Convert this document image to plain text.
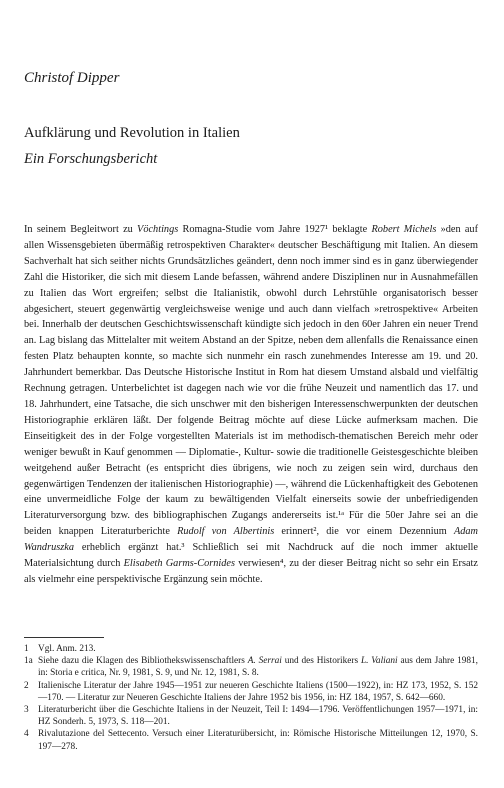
Christof Dipper
Aufklärung und Revolution in Italien
Ein Forschungsbericht
In seinem Begleitwort zu Vöchtings Romagna-Studie vom Jahre 1927¹ beklagte Robert Michels »den auf allen Wissensgebieten übermäßig retrospektiven Charakter« deutscher Beschäftigung mit Italien. An diesem Sachverhalt hat sich seither nichts Grundsätzliches geändert, denn noch immer sind es in ganz überwiegender Zahl die Historiker, die sich mit diesem Lande befassen, während andere Disziplinen nur in Ausnahmefällen zu Italien das Wort ergreifen; selbst die Italianistik, obwohl durch Lehrstühle organisatorisch besser abgesichert, steuert gegenwärtig vergleichsweise wenige und auch dann vielfach »retrospektive« Arbeiten bei. Innerhalb der deutschen Geschichtswissenschaft kündigte sich jedoch in den 60er Jahren ein neuer Trend an. Lag bislang das Mittelalter mit weitem Abstand an der Spitze, neben dem allenfalls die Renaissance einen festen Platz behaupten konnte, so machte sich nunmehr ein rasch zunehmendes Interesse am 19. und 20. Jahrhundert bemerkbar. Das Deutsche Historische Institut in Rom hat diesem Umstand alsbald und vielfältig Rechnung getragen. Unterbelichtet ist dagegen nach wie vor die frühe Neuzeit und namentlich das 17. und 18. Jahrhundert, eine Tatsache, die sich unschwer mit den bisherigen Interessenschwerpunkten der deutschen Historiographie erklären läßt. Der folgende Beitrag möchte auf diese Lücke aufmerksam machen. Die Einseitigkeit des in der Folge vorgestellten Materials ist im methodisch-thematischen Bereich mehr oder weniger bewußt in Kauf genommen — Diplomatie-, Kultur- sowie die traditionelle Geistesgeschichte bleiben weitgehend außer Betracht (es entspricht dies übrigens, wie noch zu zeigen sein wird, durchaus den gegenwärtigen Tendenzen der italienischen Historiographie) —, während die Lückenhaftigkeit des Gebotenen eine unvermeidliche Folge der kaum zu bewältigenden Vielfalt einerseits sowie der unbefriedigenden Literaturversorgung bzw. des bibliographischen Zugangs andererseits ist.¹ᵃ Für die 50er Jahre sei an die beiden knappen Literaturberichte Rudolf von Albertinis erinnert², die vor einem Dezennium Adam Wandruszka erheblich ergänzt hat.³ Schließlich sei mit Nachdruck auf die noch immer aktuelle Materialsichtung durch Elisabeth Garms-Cornides verwiesen⁴, zu der dieser Beitrag nicht so sehr ein Ersatz als vielmehr eine perspektivische Ergänzung sein möchte.
1	Vgl. Anm. 213.
1a Siehe dazu die Klagen des Bibliothekswissenschaftlers A. Serrai und des Historikers L. Valiani aus dem Jahre 1981, in: Storia e critica, Nr. 9, 1981, S. 9, und Nr. 12, 1981, S. 8.
2	Italienische Literatur der Jahre 1945—1951 zur neueren Geschichte Italiens (1500—1922), in: HZ 173, 1952, S. 152—170. — Literatur zur Neueren Geschichte Italiens der Jahre 1952 bis 1956, in: HZ 184, 1957, S. 642—660.
3	Literaturbericht über die Geschichte Italiens in der Neuzeit, Teil I: 1494—1796. Veröffentlichungen 1957—1971, in: HZ Sonderh. 5, 1973, S. 118—201.
4	Rivalutazione del Settecento. Versuch einer Literaturübersicht, in: Römische Historische Mitteilungen 12, 1970, S. 197—278.
